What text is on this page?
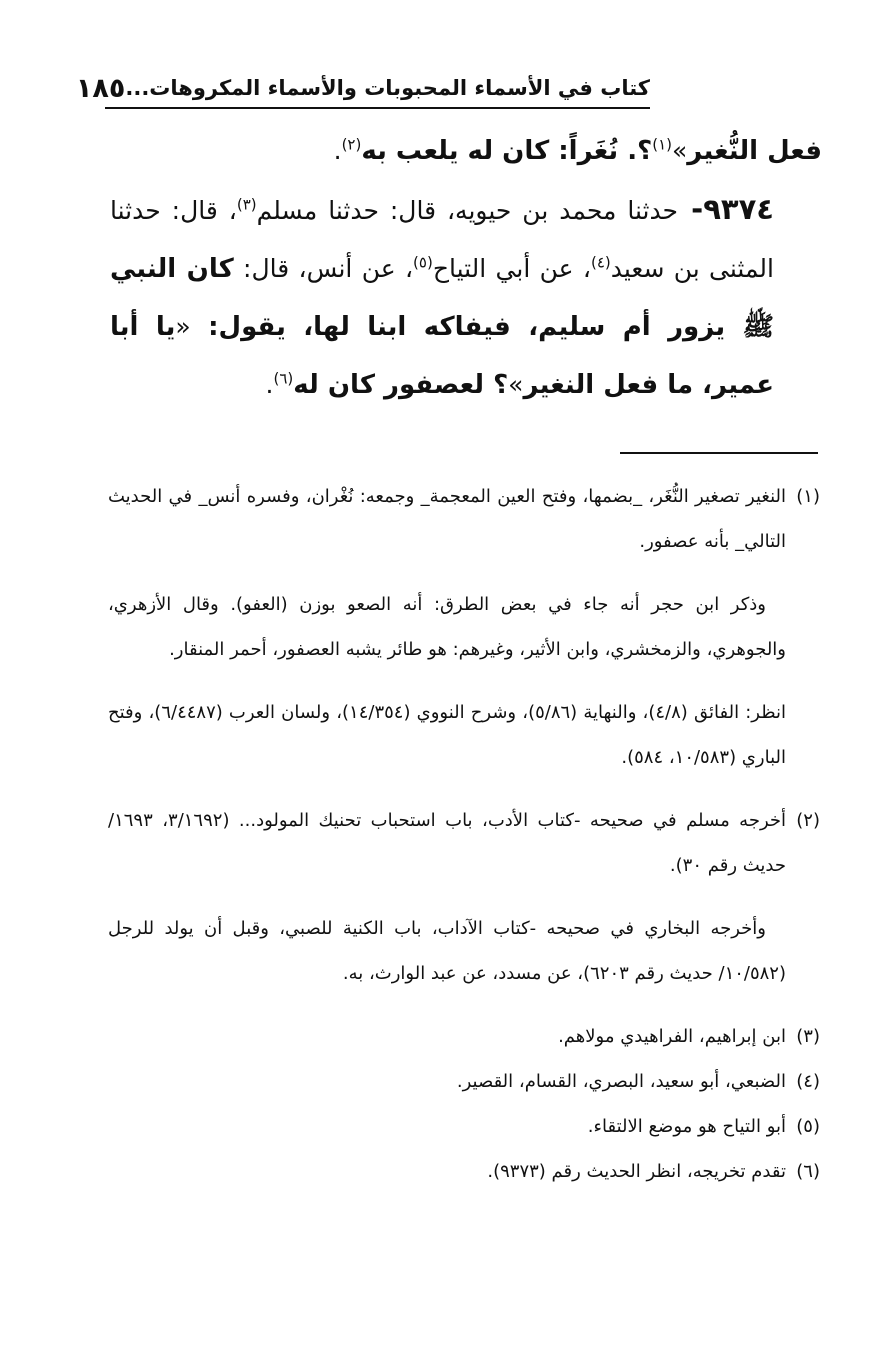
كتاب في الأسماء المحبوبات والأسماء المكروهات...
١٨٥

فعل النُّغير»$^{(١)}$؟. نُغَراً: كان له يلعب به$^{(٢)}$.

٩٣٧٤- حدثنا محمد بن حيويه، قال: حدثنا مسلم$^{(٣)}$، قال: حدثنا المثنى بن سعيد$^{(٤)}$، عن أبي التياح$^{(٥)}$، عن أنس، قال: كان النبي ﷺ يزور أم سليم، فيفاكه ابنا لها، يقول: «يا أبا عمير، ما فعل النغير»؟ لعصفور كان له$^{(٦)}$.

(١)
النغير تصغير النُّغَر، _بضمها، وفتح العين المعجمة_ وجمعه: نُغْران، وفسره أنس_ في الحديث التالي_ بأنه عصفور.

وذكر ابن حجر أنه جاء في بعض الطرق: أنه الصعو بوزن (العفو). وقال الأزهري، والجوهري، والزمخشري، وابن الأثير، وغيرهم: هو طائر يشبه العصفور، أحمر المنقار.

انظر: الفائق (٤/٨)، والنهاية (٥/٨٦)، وشرح النووي (١٤/٣٥٤)، ولسان العرب (٦/٤٤٨٧)، وفتح الباري (١٠/٥٨٣، ٥٨٤).

(٢)
أخرجه مسلم في صحيحه -كتاب الأدب، باب استحباب تحنيك المولود... (٣/١٦٩٢، ١٦٩٣/ حديث رقم ٣٠).

وأخرجه البخاري في صحيحه -كتاب الآداب، باب الكنية للصبي، وقبل أن يولد للرجل (١٠/٥٨٢/ حديث رقم ٦٢٠٣)، عن مسدد، عن عبد الوارث، به.

(٣)
ابن إبراهيم، الفراهيدي مولاهم.
(٤)
الضبعي، أبو سعيد، البصري، القسام، القصير.
(٥)
أبو التياح هو موضع الالتقاء.
(٦)
تقدم تخريجه، انظر الحديث رقم (٩٣٧٣).
